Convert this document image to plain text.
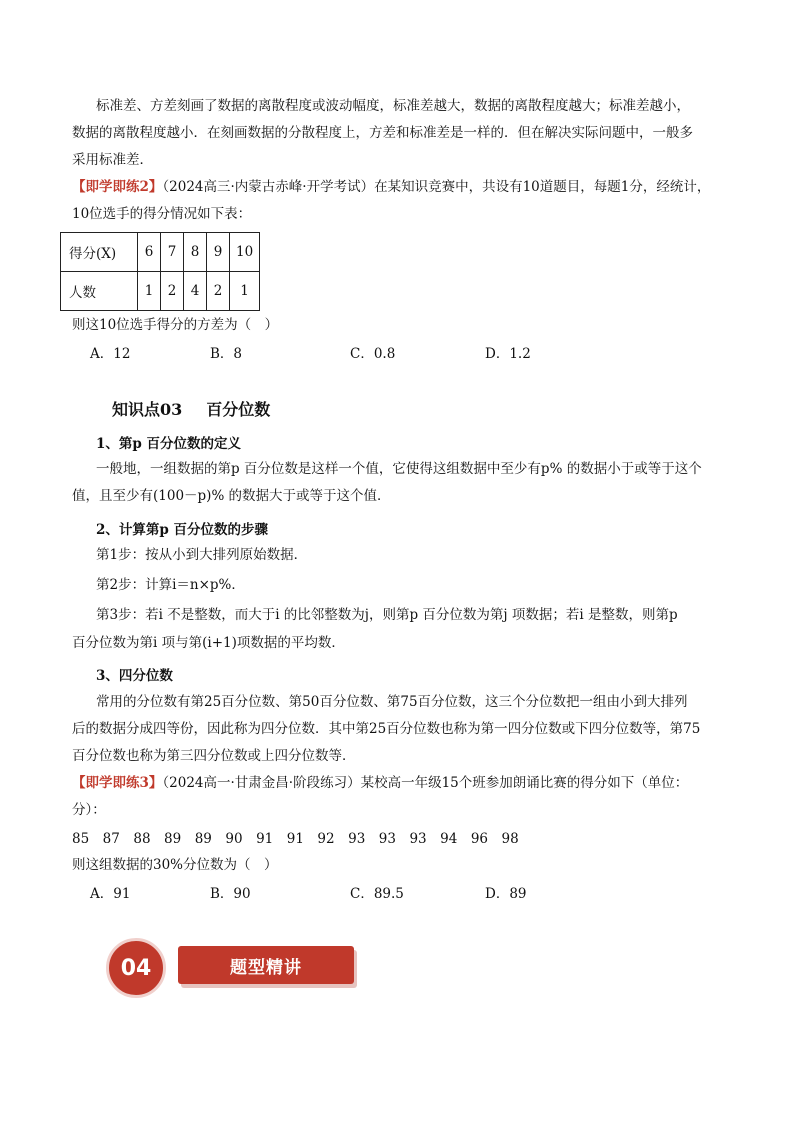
标准差、方差刻画了数据的离散程度或波动幅度，标准差越大，数据的离散程度越大；标准差越小，
数据的离散程度越小．在刻画数据的分散程度上，方差和标准差是一样的．但在解决实际问题中，一般多
采用标准差．
【即学即练2】（2024高三·内蒙古赤峰·开学考试）在某知识竞赛中，共设有10道题目，每题1分，经统计，
10位选手的得分情况如下表：
得分(X)	6	7	8	9	10
人数	1	2	4	2	1
则这10位选手得分的方差为（　）
A．12	B．8	C．0.8	D．1.2
知识点03 百分位数
1、第p 百分位数的定义
一般地，一组数据的第p 百分位数是这样一个值，它使得这组数据中至少有p% 的数据小于或等于这个
值，且至少有(100－p)% 的数据大于或等于这个值．
2、计算第p 百分位数的步骤
第1步：按从小到大排列原始数据．
第2步：计算i＝n×p%．
第3步：若i 不是整数，而大于i 的比邻整数为j，则第p 百分位数为第j 项数据；若i 是整数，则第p
百分位数为第i 项与第(i+1)项数据的平均数．
3、四分位数
常用的分位数有第25百分位数、第50百分位数、第75百分位数，这三个分位数把一组由小到大排列
后的数据分成四等份，因此称为四分位数．其中第25百分位数也称为第一四分位数或下四分位数等，第75
百分位数也称为第三四分位数或上四分位数等．
【即学即练3】（2024高一·甘肃金昌·阶段练习）某校高一年级15个班参加朗诵比赛的得分如下（单位：
分）：
85　87　88　89　89　90　91　91　92　93　93　93　94　96　98
则这组数据的30%分位数为（　）
A．91	B．90	C．89.5	D．89
题型精讲
04
